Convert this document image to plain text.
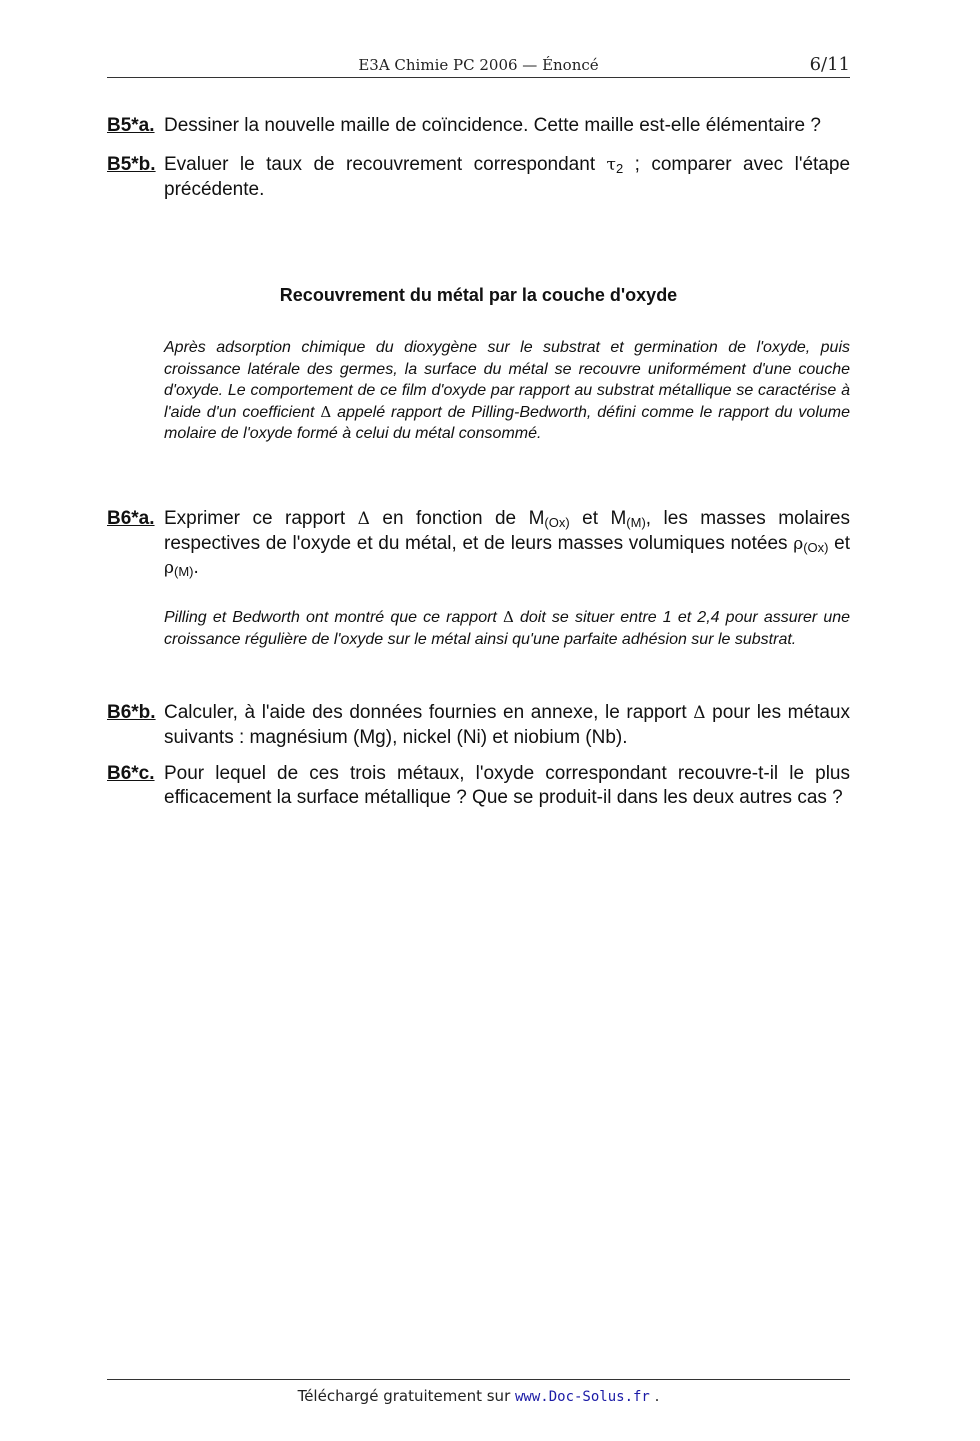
E3A Chimie PC 2006 — Énoncé	6/11
B5*a. Dessiner la nouvelle maille de coïncidence. Cette maille est-elle élémentaire ?
B5*b. Evaluer le taux de recouvrement correspondant τ2 ; comparer avec l'étape précédente.
Recouvrement du métal par la couche d'oxyde
Après adsorption chimique du dioxygène sur le substrat et germination de l'oxyde, puis croissance latérale des germes, la surface du métal se recouvre uniformément d'une couche d'oxyde. Le comportement de ce film d'oxyde par rapport au substrat métallique se caractérise à l'aide d'un coefficient Δ appelé rapport de Pilling-Bedworth, défini comme le rapport du volume molaire de l'oxyde formé à celui du métal consommé.
B6*a. Exprimer ce rapport Δ en fonction de M(Ox) et M(M), les masses molaires respectives de l'oxyde et du métal, et de leurs masses volumiques notées ρ(Ox) et ρ(M).
Pilling et Bedworth ont montré que ce rapport Δ doit se situer entre 1 et 2,4 pour assurer une croissance régulière de l'oxyde sur le métal ainsi qu'une parfaite adhésion sur le substrat.
B6*b. Calculer, à l'aide des données fournies en annexe, le rapport Δ pour les métaux suivants : magnésium (Mg), nickel (Ni) et niobium (Nb).
B6*c. Pour lequel de ces trois métaux, l'oxyde correspondant recouvre-t-il le plus efficacement la surface métallique ? Que se produit-il dans les deux autres cas ?
Téléchargé gratuitement sur www.Doc-Solus.fr .
